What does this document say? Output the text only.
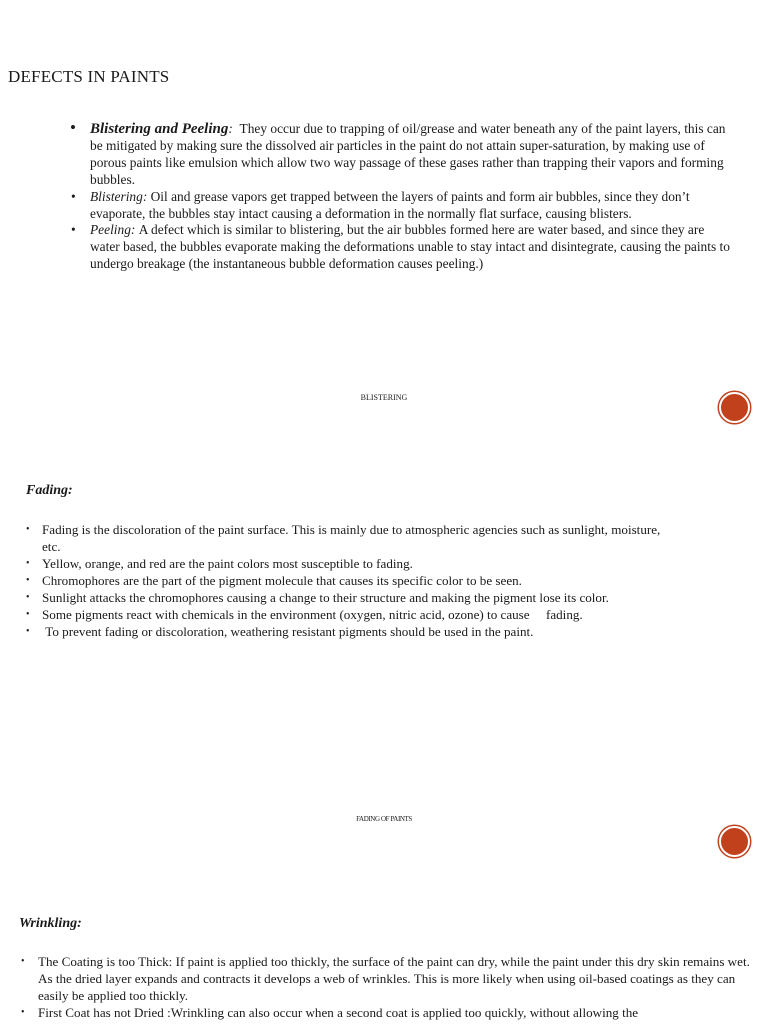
DEFECTS IN PAINTS
• Blistering and Peeling:  They occur due to trapping of oil/grease and water beneath any of the paint layers, this can be mitigated by making sure the dissolved air particles in the paint do not attain super-saturation, by making use of porous paints like emulsion which allow two way passage of these gases rather than trapping their vapors and forming bubbles.
• Blistering: Oil and grease vapors get trapped between the layers of paints and form air bubbles, since they don’t evaporate, the bubbles stay intact causing a deformation in the normally flat surface, causing blisters.
• Peeling: A defect which is similar to blistering, but the air bubbles formed here are water based, and since they are water based, the bubbles evaporate making the deformations unable to stay intact and disintegrate, causing the paints to undergo breakage (the instantaneous bubble deformation causes peeling.)
BLISTERING
Fading:
• Fading is the discoloration of the paint surface. This is mainly due to atmospheric agencies such as sunlight, moisture, etc.
• Yellow, orange, and red are the paint colors most susceptible to fading.
• Chromophores are the part of the pigment molecule that causes its specific color to be seen.
• Sunlight attacks the chromophores causing a change to their structure and making the pigment lose its color.
• Some pigments react with chemicals in the environment (oxygen, nitric acid, ozone) to cause     fading.
• To prevent fading or discoloration, weathering resistant pigments should be used in the paint.
FADING OF PAINTS
Wrinkling:
• The Coating is too Thick: If paint is applied too thickly, the surface of the paint can dry, while the paint under this dry skin remains wet. As the dried layer expands and contracts it develops a web of wrinkles. This is more likely when using oil-based coatings as they can easily be applied too thickly.
• First Coat has not Dried :Wrinkling can also occur when a second coat is applied too quickly, without allowing the
